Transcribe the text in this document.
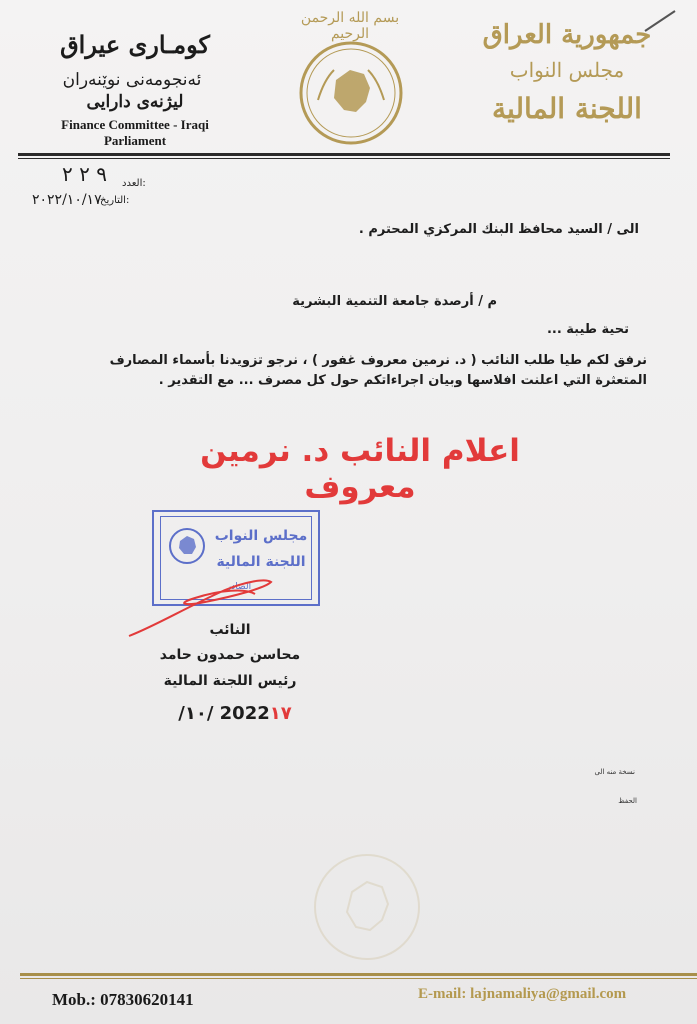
کومـاری عیراق
ئەنجومەنی نوێنەران
لیژنەی دارایی
Finance Committee - Iraqi Parliament
بسم الله الرحمن الرحيم	جمهورية العراق
مجلس النواب
اللجنة المالية
العدد:
٩ ٢ ٢
التاريخ:
٢٠٢٢/١٠/١٧
الى / السيد محافظ البنك المركزي المحترم .
م / أرصدة جامعة التنمية البشرية
تحية طيبة ...
نرفق لكم طيا طلب النائب ( د. نرمين معروف غفور ) ، نرجو تزويدنا بأسماء المصارف
المتعثرة التي اعلنت افلاسها وبيان اجراءاتكم حول كل مصرف ... مع التقدير .
اعلام النائب د. نرمين معروف
مجلس النواب
اللجنة المالية
الصادر
النائب
محاسن حمدون حامد
رئيس اللجنة المالية
/١٠/ 2022١٧
نسخة منه الى
الحفظ
Mob.: 07830620141	E-mail: lajnamaliya@gmail.com
